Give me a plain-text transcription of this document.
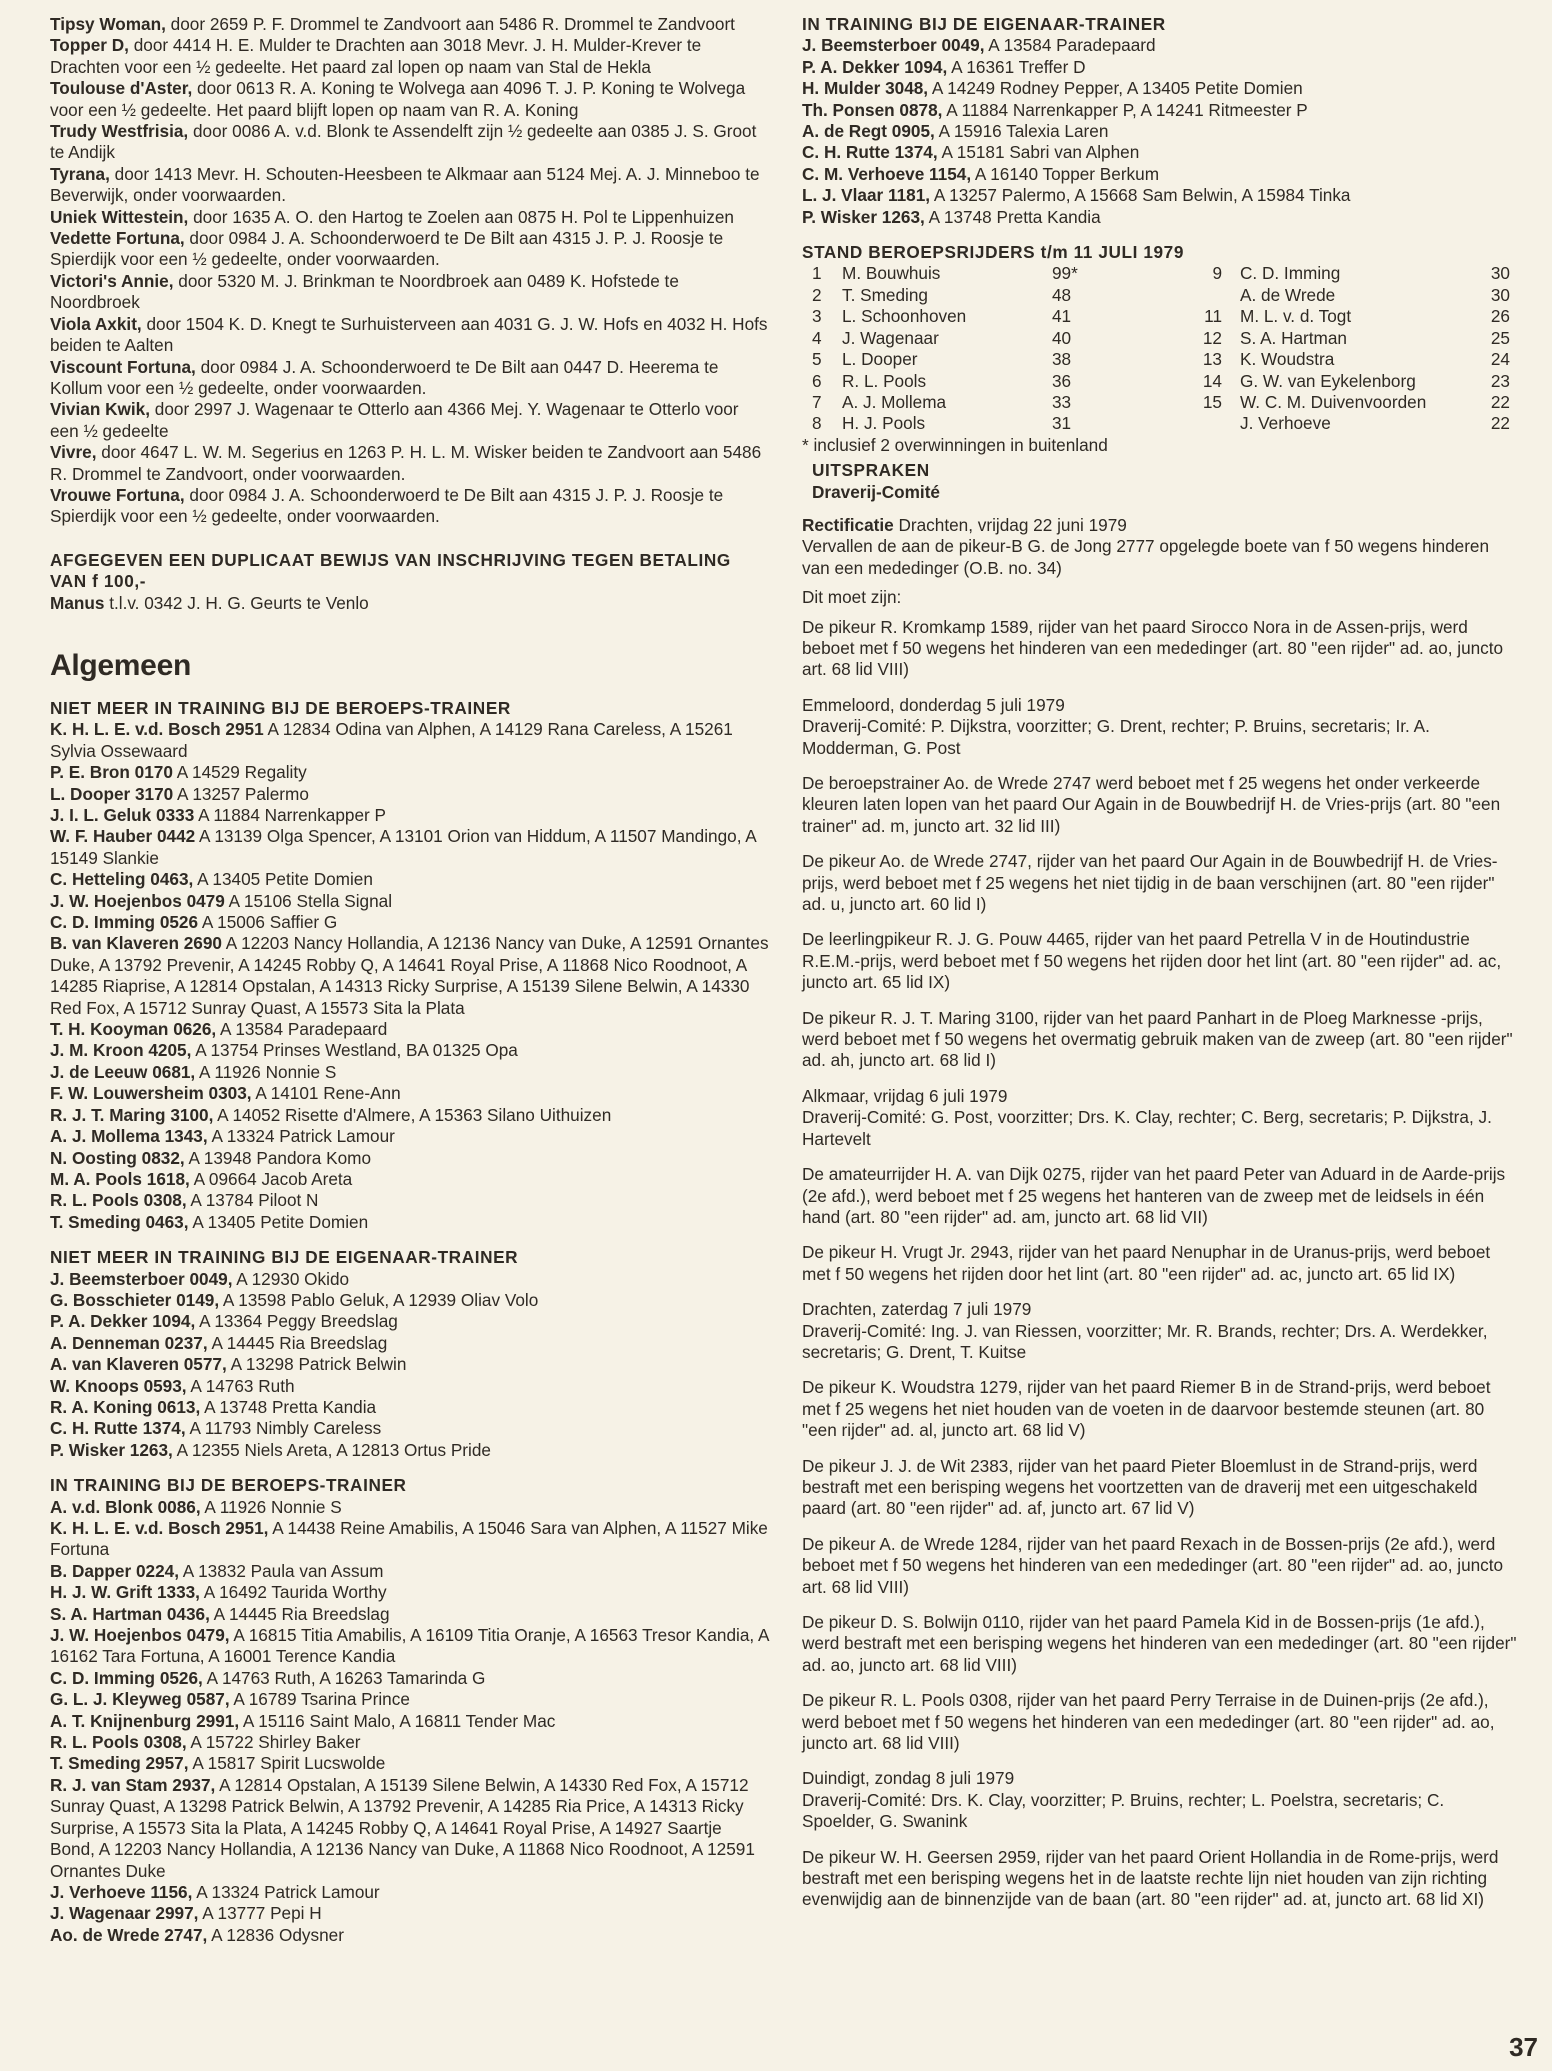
Tipsy Woman, door 2659 P. F. Drommel te Zandvoort aan 5486 R. Drommel te Zandvoort

Topper D, door 4414 H. E. Mulder te Drachten aan 3018 Mevr. J. H. Mulder-Krever te Drachten voor een ½ gedeelte. Het paard zal lopen op naam van Stal de Hekla

Toulouse d'Aster, door 0613 R. A. Koning te Wolvega aan 4096 T. J. P. Koning te Wolvega voor een ½ gedeelte. Het paard blijft lopen op naam van R. A. Koning

Trudy Westfrisia, door 0086 A. v.d. Blonk te Assendelft zijn ½ gedeelte aan 0385 J. S. Groot te Andijk

Tyrana, door 1413 Mevr. H. Schouten-Heesbeen te Alkmaar aan 5124 Mej. A. J. Minneboo te Beverwijk, onder voorwaarden.

Uniek Wittestein, door 1635 A. O. den Hartog te Zoelen aan 0875 H. Pol te Lippenhuizen

Vedette Fortuna, door 0984 J. A. Schoonderwoerd te De Bilt aan 4315 J. P. J. Roosje te Spierdijk voor een ½ gedeelte, onder voorwaarden.

Victori's Annie, door 5320 M. J. Brinkman te Noordbroek aan 0489 K. Hofstede te Noordbroek

Viola Axkit, door 1504 K. D. Knegt te Surhuisterveen aan 4031 G. J. W. Hofs en 4032 H. Hofs beiden te Aalten

Viscount Fortuna, door 0984 J. A. Schoonderwoerd te De Bilt aan 0447 D. Heerema te Kollum voor een ½ gedeelte, onder voorwaarden.

Vivian Kwik, door 2997 J. Wagenaar te Otterlo aan 4366 Mej. Y. Wagenaar te Otterlo voor een ½ gedeelte

Vivre, door 4647 L. W. M. Segerius en 1263 P. H. L. M. Wisker beiden te Zandvoort aan 5486 R. Drommel te Zandvoort, onder voorwaarden.

Vrouwe Fortuna, door 0984 J. A. Schoonderwoerd te De Bilt aan 4315 J. P. J. Roosje te Spierdijk voor een ½ gedeelte, onder voorwaarden.

AFGEGEVEN EEN DUPLICAAT BEWIJS VAN INSCHRIJVING TEGEN BETALING VAN f 100,-

Manus t.l.v. 0342 J. H. G. Geurts te Venlo

Algemeen
NIET MEER IN TRAINING BIJ DE BEROEPS-TRAINER

K. H. L. E. v.d. Bosch 2951 A 12834 Odina van Alphen, A 14129 Rana Careless, A 15261 Sylvia Ossewaard

P. E. Bron 0170 A 14529 Regality

L. Dooper 3170 A 13257 Palermo

J. I. L. Geluk 0333 A 11884 Narrenkapper P

W. F. Hauber 0442 A 13139 Olga Spencer, A 13101 Orion van Hiddum, A 11507 Mandingo, A 15149 Slankie

C. Hetteling 0463, A 13405 Petite Domien

J. W. Hoejenbos 0479 A 15106 Stella Signal

C. D. Imming 0526 A 15006 Saffier G

B. van Klaveren 2690 A 12203 Nancy Hollandia, A 12136 Nancy van Duke, A 12591 Ornantes Duke, A 13792 Prevenir, A 14245 Robby Q, A 14641 Royal Prise, A 11868 Nico Roodnoot, A 14285 Riaprise, A 12814 Opstalan, A 14313 Ricky Surprise, A 15139 Silene Belwin, A 14330 Red Fox, A 15712 Sunray Quast, A 15573 Sita la Plata

T. H. Kooyman 0626, A 13584 Paradepaard

J. M. Kroon 4205, A 13754 Prinses Westland, BA 01325 Opa

J. de Leeuw 0681, A 11926 Nonnie S

F. W. Louwersheim 0303, A 14101 Rene-Ann

R. J. T. Maring 3100, A 14052 Risette d'Almere, A 15363 Silano Uithuizen

A. J. Mollema 1343, A 13324 Patrick Lamour

N. Oosting 0832, A 13948 Pandora Komo

M. A. Pools 1618, A 09664 Jacob Areta

R. L. Pools 0308, A 13784 Piloot N

T. Smeding 0463, A 13405 Petite Domien

NIET MEER IN TRAINING BIJ DE EIGENAAR-TRAINER

J. Beemsterboer 0049, A 12930 Okido

G. Bosschieter 0149, A 13598 Pablo Geluk, A 12939 Oliav Volo

P. A. Dekker 1094, A 13364 Peggy Breedslag

A. Denneman 0237, A 14445 Ria Breedslag

A. van Klaveren 0577, A 13298 Patrick Belwin

W. Knoops 0593, A 14763 Ruth

R. A. Koning 0613, A 13748 Pretta Kandia

C. H. Rutte 1374, A 11793 Nimbly Careless

P. Wisker 1263, A 12355 Niels Areta, A 12813 Ortus Pride

IN TRAINING BIJ DE BEROEPS-TRAINER

A. v.d. Blonk 0086, A 11926 Nonnie S

K. H. L. E. v.d. Bosch 2951, A 14438 Reine Amabilis, A 15046 Sara van Alphen, A 11527 Mike Fortuna

B. Dapper 0224, A 13832 Paula van Assum

H. J. W. Grift 1333, A 16492 Taurida Worthy

S. A. Hartman 0436, A 14445 Ria Breedslag

J. W. Hoejenbos 0479, A 16815 Titia Amabilis, A 16109 Titia Oranje, A 16563 Tresor Kandia, A 16162 Tara Fortuna, A 16001 Terence Kandia

C. D. Imming 0526, A 14763 Ruth, A 16263 Tamarinda G

G. L. J. Kleyweg 0587, A 16789 Tsarina Prince

A. T. Knijnenburg 2991, A 15116 Saint Malo, A 16811 Tender Mac

R. L. Pools 0308, A 15722 Shirley Baker

T. Smeding 2957, A 15817 Spirit Lucswolde

R. J. van Stam 2937, A 12814 Opstalan, A 15139 Silene Belwin, A 14330 Red Fox, A 15712 Sunray Quast, A 13298 Patrick Belwin, A 13792 Prevenir, A 14285 Ria Price, A 14313 Ricky Surprise, A 15573 Sita la Plata, A 14245 Robby Q, A 14641 Royal Prise, A 14927 Saartje Bond, A 12203 Nancy Hollandia, A 12136 Nancy van Duke, A 11868 Nico Roodnoot, A 12591 Ornantes Duke

J. Verhoeve 1156, A 13324 Patrick Lamour

J. Wagenaar 2997, A 13777 Pepi H

Ao. de Wrede 2747, A 12836 Odysner

IN TRAINING BIJ DE EIGENAAR-TRAINER

J. Beemsterboer 0049, A 13584 Paradepaard

P. A. Dekker 1094, A 16361 Treffer D

H. Mulder 3048, A 14249 Rodney Pepper, A 13405 Petite Domien

Th. Ponsen 0878, A 11884 Narrenkapper P, A 14241 Ritmeester P

A. de Regt 0905, A 15916 Talexia Laren

C. H. Rutte 1374, A 15181 Sabri van Alphen

C. M. Verhoeve 1154, A 16140 Topper Berkum

L. J. Vlaar 1181, A 13257 Palermo, A 15668 Sam Belwin, A 15984 Tinka

P. Wisker 1263, A 13748 Pretta Kandia

STAND BEROEPSRIJDERS t/m 11 JULI 1979
1	M. Bouwhuis	99*	9	C. D. Imming	30
2	T. Smeding	48		A. de Wrede	30
3	L. Schoonhoven	41	11	M. L. v. d. Togt	26
4	J. Wagenaar	40	12	S. A. Hartman	25
5	L. Dooper	38	13	K. Woudstra	24
6	R. L. Pools	36	14	G. W. van Eykelenborg	23
7	A. J. Mollema	33	15	W. C. M. Duivenvoorden	22
8	H. J. Pools	31		J. Verhoeve	22

* inclusief 2 overwinningen in buitenland

UITSPRAKEN
Draverij-Comité

Rectificatie Drachten, vrijdag 22 juni 1979

Vervallen de aan de pikeur-B G. de Jong 2777 opgelegde boete van f 50 wegens hinderen van een mededinger (O.B. no. 34)

Dit moet zijn:

De pikeur R. Kromkamp 1589, rijder van het paard Sirocco Nora in de Assen-prijs, werd beboet met f 50 wegens het hinderen van een mededinger (art. 80 "een rijder" ad. ao, juncto art. 68 lid VIII)

Emmeloord, donderdag 5 juli 1979
Draverij-Comité: P. Dijkstra, voorzitter; G. Drent, rechter; P. Bruins, secretaris; Ir. A. Modderman, G. Post

De beroepstrainer Ao. de Wrede 2747 werd beboet met f 25 wegens het onder verkeerde kleuren laten lopen van het paard Our Again in de Bouwbedrijf H. de Vries-prijs (art. 80 "een trainer" ad. m, juncto art. 32 lid III)

De pikeur Ao. de Wrede 2747, rijder van het paard Our Again in de Bouwbedrijf H. de Vries-prijs, werd beboet met f 25 wegens het niet tijdig in de baan verschijnen (art. 80 "een rijder" ad. u, juncto art. 60 lid I)

De leerlingpikeur R. J. G. Pouw 4465, rijder van het paard Petrella V in de Houtindustrie R.E.M.-prijs, werd beboet met f 50 wegens het rijden door het lint (art. 80 "een rijder" ad. ac, juncto art. 65 lid IX)

De pikeur R. J. T. Maring 3100, rijder van het paard Panhart in de Ploeg Marknesse -prijs, werd beboet met f 50 wegens het overmatig gebruik maken van de zweep (art. 80 "een rijder" ad. ah, juncto art. 68 lid I)

Alkmaar, vrijdag 6 juli 1979
Draverij-Comité: G. Post, voorzitter; Drs. K. Clay, rechter; C. Berg, secretaris; P. Dijkstra, J. Hartevelt

De amateurrijder H. A. van Dijk 0275, rijder van het paard Peter van Aduard in de Aarde-prijs (2e afd.), werd beboet met f 25 wegens het hanteren van de zweep met de leidsels in één hand (art. 80 "een rijder" ad. am, juncto art. 68 lid VII)

De pikeur H. Vrugt Jr. 2943, rijder van het paard Nenuphar in de Uranus-prijs, werd beboet met f 50 wegens het rijden door het lint (art. 80 "een rijder" ad. ac, juncto art. 65 lid IX)

Drachten, zaterdag 7 juli 1979
Draverij-Comité: Ing. J. van Riessen, voorzitter; Mr. R. Brands, rechter; Drs. A. Werdekker, secretaris; G. Drent, T. Kuitse

De pikeur K. Woudstra 1279, rijder van het paard Riemer B in de Strand-prijs, werd beboet met f 25 wegens het niet houden van de voeten in de daarvoor bestemde steunen (art. 80 "een rijder" ad. al, juncto art. 68 lid V)

De pikeur J. J. de Wit 2383, rijder van het paard Pieter Bloemlust in de Strand-prijs, werd bestraft met een berisping wegens het voortzetten van de draverij met een uitgeschakeld paard (art. 80 "een rijder" ad. af, juncto art. 67 lid V)

De pikeur A. de Wrede 1284, rijder van het paard Rexach in de Bossen-prijs (2e afd.), werd beboet met f 50 wegens het hinderen van een mededinger (art. 80 "een rijder" ad. ao, juncto art. 68 lid VIII)

De pikeur D. S. Bolwijn 0110, rijder van het paard Pamela Kid in de Bossen-prijs (1e afd.), werd bestraft met een berisping wegens het hinderen van een mededinger (art. 80 "een rijder" ad. ao, juncto art. 68 lid VIII)

De pikeur R. L. Pools 0308, rijder van het paard Perry Terraise in de Duinen-prijs (2e afd.), werd beboet met f 50 wegens het hinderen van een mededinger (art. 80 "een rijder" ad. ao, juncto art. 68 lid VIII)

Duindigt, zondag 8 juli 1979
Draverij-Comité: Drs. K. Clay, voorzitter; P. Bruins, rechter; L. Poelstra, secretaris; C. Spoelder, G. Swanink

De pikeur W. H. Geersen 2959, rijder van het paard Orient Hollandia in de Rome-prijs, werd bestraft met een berisping wegens het in de laatste rechte lijn niet houden van zijn richting evenwijdig aan de binnenzijde van de baan (art. 80 "een rijder" ad. at, juncto art. 68 lid XI)

37
